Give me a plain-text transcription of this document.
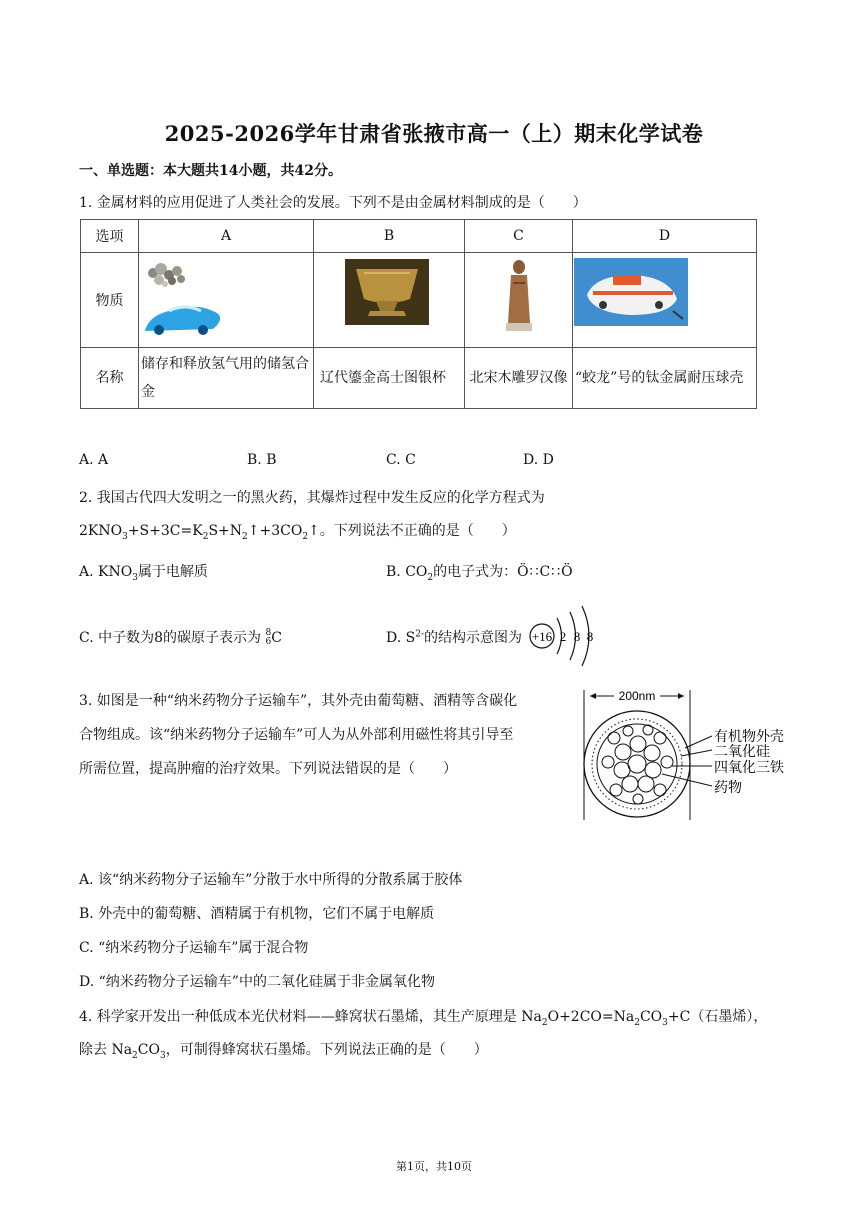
2025-2026学年甘肃省张掖市高一（上）期末化学试卷
一、单选题：本大题共14小题，共42分。
1. 金属材料的应用促进了人类社会的发展。下列不是由金属材料制成的是（　　）
选项	A	B	C	D
物质				
名称	储存和释放氢气用的储氢合金	辽代鎏金高士图银杯	北宋木雕罗汉像	“蛟龙”号的钛金属耐压球壳
A. A	B. B	C. C	D. D
2. 我国古代四大发明之一的黑火药，其爆炸过程中发生反应的化学方程式为
$2KNO_3+S+3C=K_2S+N_2↑+3CO_2↑$。下列说法不正确的是（　　）
A. $KNO_3$属于电解质	B. $CO_2$的电子式为：Ö∷C∷Ö
C. 中子数为8的碳原子表示为 8
6 C	D. $S^{2-}$的结构示意图为 +16 2 8 8
3. 如图是一种“纳米药物分子运输车”，其外壳由葡萄糖、酒精等含碳化
合物组成。该“纳米药物分子运输车”可人为从外部利用磁性将其引导至
所需位置，提高肿瘤的治疗效果。下列说法错误的是（　　）
200nm
有机物外壳
二氧化硅
四氧化三铁
药物
A. 该“纳米药物分子运输车”分散于水中所得的分散系属于胶体
B. 外壳中的葡萄糖、酒精属于有机物，它们不属于电解质
C. “纳米药物分子运输车”属于混合物
D. “纳米药物分子运输车”中的二氧化硅属于非金属氧化物
4. 科学家开发出一种低成本光伏材料——蜂窝状石墨烯，其生产原理是 $Na_2O+2CO=Na_2CO_3+C$（石墨烯），
除去 $Na_2CO_3$，可制得蜂窝状石墨烯。下列说法正确的是（　　）
第1页，共10页
